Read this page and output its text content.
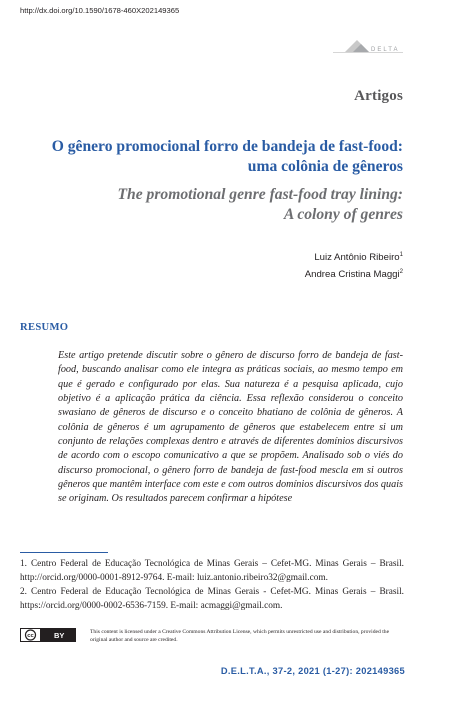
http://dx.doi.org/10.1590/1678-460X202149365
DELTA
Artigos
O gênero promocional forro de bandeja de fast-food:
uma colônia de gêneros
The promotional genre fast-food tray lining:
A colony of genres
Luiz Antônio Ribeiro$^1$
Andrea Cristina Maggi$^2$
RESUMO
Este artigo pretende discutir sobre o gênero de discurso forro de bandeja de fast-food, buscando analisar como ele integra as práticas sociais, ao mesmo tempo em que é gerado e configurado por elas. Sua natureza é a pesquisa aplicada, cujo objetivo é a aplicação prática da ciência. Essa reflexão considerou o conceito swasiano de gêneros de discurso e o conceito bhatiano de colônia de gêneros. A colônia de gêneros é um agrupamento de gêneros que estabelecem entre si um conjunto de relações complexas dentro e através de diferentes domínios discursivos de acordo com o escopo comunicativo a que se propõem. Analisado sob o viés do discurso promocional, o gênero forro de bandeja de fast-food mescla em si outros gêneros que mantêm interface com este e com outros domínios discursivos dos quais se originam. Os resultados parecem confirmar a hipótese
1. Centro Federal de Educação Tecnológica de Minas Gerais – Cefet-MG. Minas Gerais – Brasil. http://orcid.org/0000-0001-8912-9764. E-mail: luiz.antonio.ribeiro32@gmail.com.
2. Centro Federal de Educação Tecnológica de Minas Gerais - Cefet-MG. Minas Gerais – Brasil. https://orcid.org/0000-0002-6536-7159. E-mail: acmaggi@gmail.com.
cc	BY	This content is licensed under a Creative Commons Attribution License, which permits unrestricted use and distribution, provided the original author and source are credited.
D.E.L.T.A., 37-2, 2021 (1-27): 202149365
